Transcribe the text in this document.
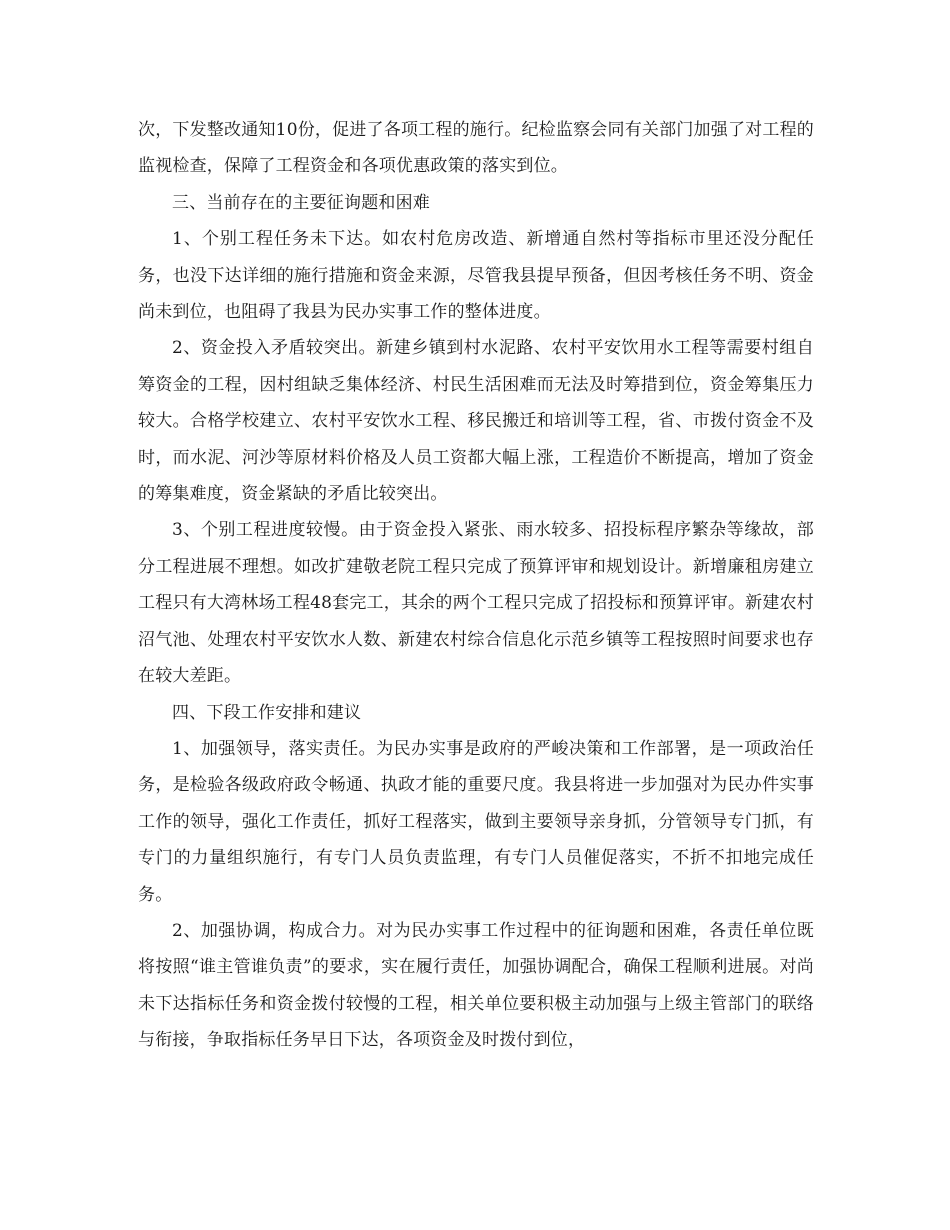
次，下发整改通知10份，促进了各项工程的施行。纪检监察会同有关部门加强了对工程的监视检查，保障了工程资金和各项优惠政策的落实到位。

三、当前存在的主要征询题和困难

1、个别工程任务未下达。如农村危房改造、新增通自然村等指标市里还没分配任务，也没下达详细的施行措施和资金来源，尽管我县提早预备，但因考核任务不明、资金尚未到位，也阻碍了我县为民办实事工作的整体进度。

2、资金投入矛盾较突出。新建乡镇到村水泥路、农村平安饮用水工程等需要村组自筹资金的工程，因村组缺乏集体经济、村民生活困难而无法及时筹措到位，资金筹集压力较大。合格学校建立、农村平安饮水工程、移民搬迁和培训等工程，省、市拨付资金不及时，而水泥、河沙等原材料价格及人员工资都大幅上涨，工程造价不断提高，增加了资金的筹集难度，资金紧缺的矛盾比较突出。

3、个别工程进度较慢。由于资金投入紧张、雨水较多、招投标程序繁杂等缘故，部分工程进展不理想。如改扩建敬老院工程只完成了预算评审和规划设计。新增廉租房建立工程只有大湾林场工程48套完工，其余的两个工程只完成了招投标和预算评审。新建农村沼气池、处理农村平安饮水人数、新建农村综合信息化示范乡镇等工程按照时间要求也存在较大差距。

四、下段工作安排和建议

1、加强领导，落实责任。为民办实事是政府的严峻决策和工作部署，是一项政治任务，是检验各级政府政令畅通、执政才能的重要尺度。我县将进一步加强对为民办件实事工作的领导，强化工作责任，抓好工程落实，做到主要领导亲身抓，分管领导专门抓，有专门的力量组织施行，有专门人员负责监理，有专门人员催促落实，不折不扣地完成任务。

2、加强协调，构成合力。对为民办实事工作过程中的征询题和困难，各责任单位既将按照“谁主管谁负责”的要求，实在履行责任，加强协调配合，确保工程顺利进展。对尚未下达指标任务和资金拨付较慢的工程，相关单位要积极主动加强与上级主管部门的联络与衔接，争取指标任务早日下达，各项资金及时拨付到位，
